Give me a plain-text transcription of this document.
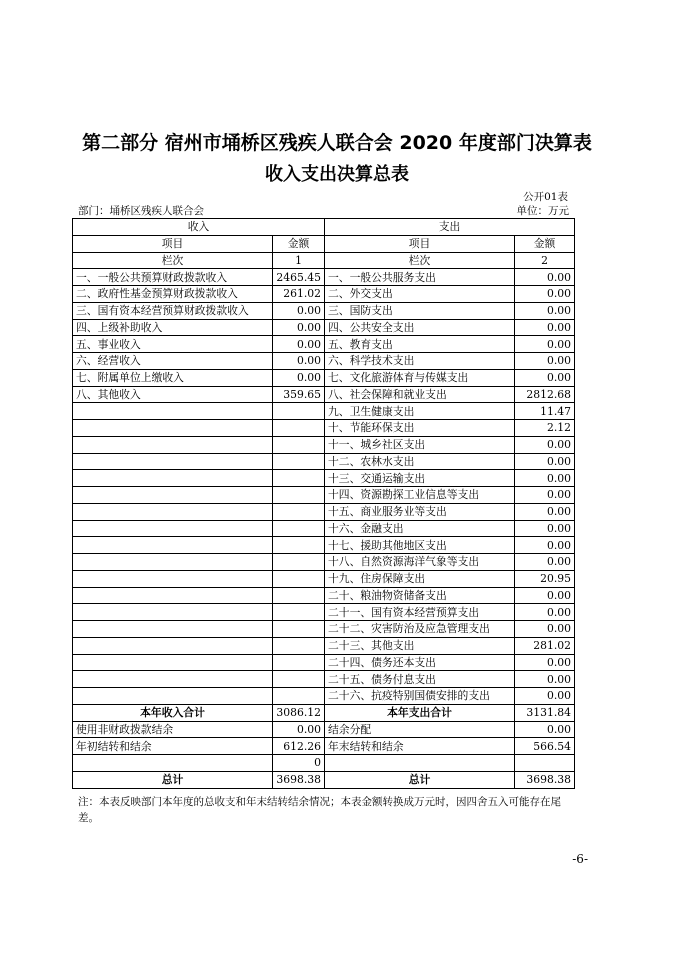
第二部分 宿州市埇桥区残疾人联合会 2020 年度部门决算表
收入支出决算总表
公开01表
部门：埇桥区残疾人联合会	单位：万元
收入		支出	
项目	金额	项目	金额
栏次	1	栏次	2
一、一般公共预算财政拨款收入	2465.45	一、一般公共服务支出	0.00
二、政府性基金预算财政拨款收入	261.02	二、外交支出	0.00
三、国有资本经营预算财政拨款收入	0.00	三、国防支出	0.00
四、上级补助收入	0.00	四、公共安全支出	0.00
五、事业收入	0.00	五、教育支出	0.00
六、经营收入	0.00	六、科学技术支出	0.00
七、附属单位上缴收入	0.00	七、文化旅游体育与传媒支出	0.00
八、其他收入	359.65	八、社会保障和就业支出	2812.68
		九、卫生健康支出	11.47
		十、节能环保支出	2.12
		十一、城乡社区支出	0.00
		十二、农林水支出	0.00
		十三、交通运输支出	0.00
		十四、资源勘探工业信息等支出	0.00
		十五、商业服务业等支出	0.00
		十六、金融支出	0.00
		十七、援助其他地区支出	0.00
		十八、自然资源海洋气象等支出	0.00
		十九、住房保障支出	20.95
		二十、粮油物资储备支出	0.00
		二十一、国有资本经营预算支出	0.00
		二十二、灾害防治及应急管理支出	0.00
		二十三、其他支出	281.02
		二十四、债务还本支出	0.00
		二十五、债务付息支出	0.00
		二十六、抗疫特别国债安排的支出	0.00
本年收入合计	3086.12	本年支出合计	3131.84
使用非财政拨款结余	0.00	结余分配	0.00
年初结转和结余	612.26	年末结转和结余	566.54
	0		
总计	3698.38	总计	3698.38
注：本表反映部门本年度的总收支和年末结转结余情况；本表金额转换成万元时，因四舍五入可能存在尾差。
-6-
